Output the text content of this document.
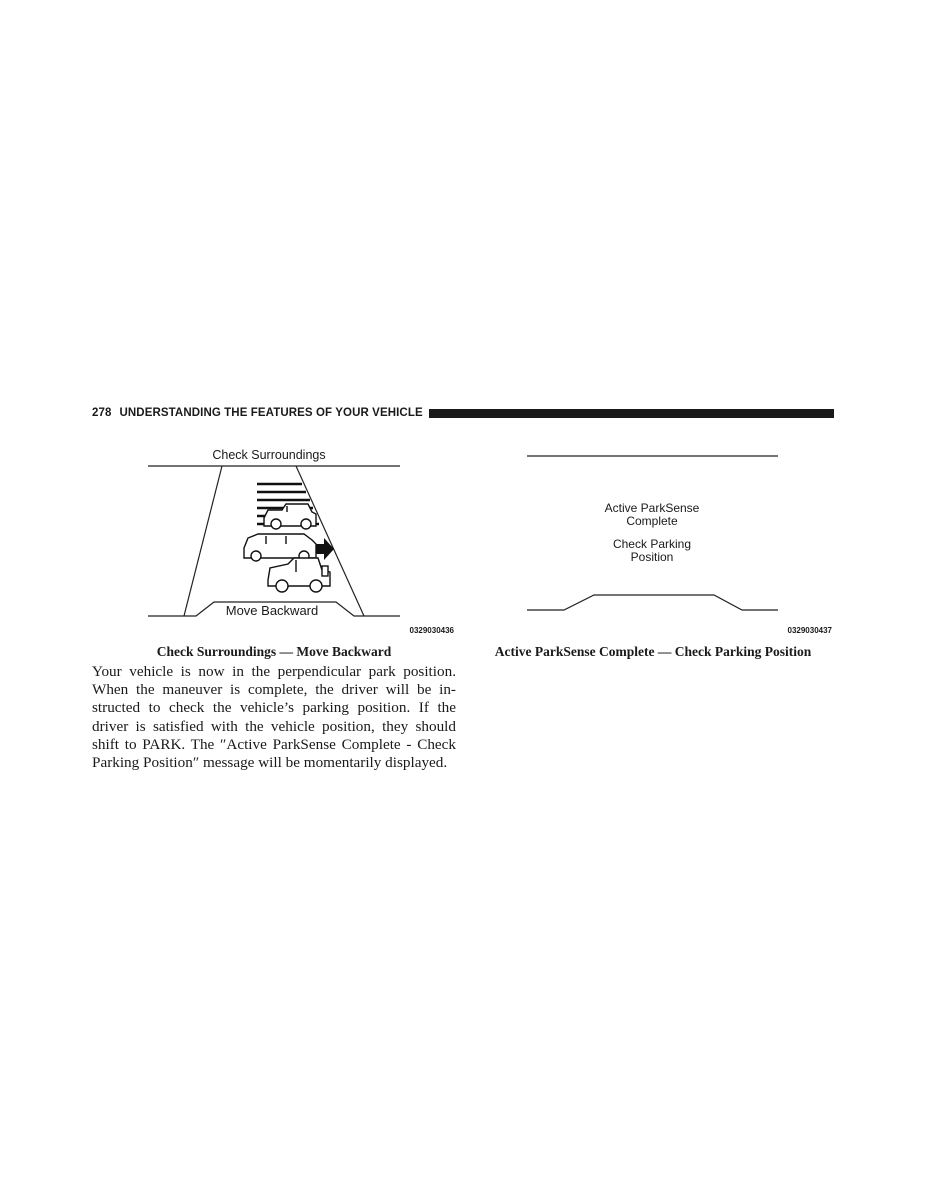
278 UNDERSTANDING THE FEATURES OF YOUR VEHICLE
Check Surroundings
Move Backward
0329030436
Check Surroundings — Move Backward
Active ParkSense
Complete
Check Parking
Position
0329030437
Active ParkSense Complete — Check Parking Position
Your vehicle is now in the perpendicular park position.
When the maneuver is complete, the driver will be in-
structed to check the vehicle’s parking position. If the
driver is satisfied with the vehicle position, they should
shift to PARK. The ″Active ParkSense Complete - Check
Parking Position″ message will be momentarily displayed.
